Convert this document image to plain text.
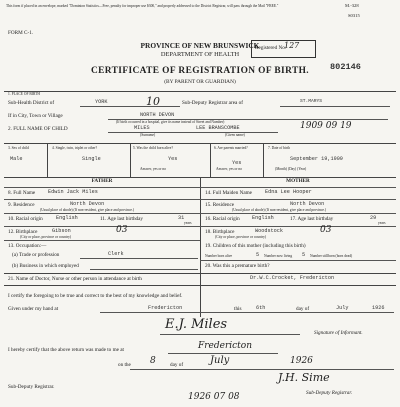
This form if placed in an envelope, marked "Dominion Statistics—Free, penalty for improper use $300," and properly addressed to the District Registrar, will pass through the Mail "FREE."	M.-328
S0315
FORM C-1.
PROVINCE OF NEW BRUNSWICK
DEPARTMENT OF HEALTH
CERTIFICATE OF REGISTRATION OF BIRTH.
(BY PARENT OR GUARDIAN)
Registered No.
127
802146
1. PLACE OF BIRTH
Sub-Health District of	YORK	10	Sub-Deputy Registrar area of	ST.MARYS
If in City, Town or Village	NORTH DEVON
(If birth occurred in a hospital, give its name instead of Street and Number)
2. FULL NAME OF CHILD	MILES	LEE BRANSCOMBE
(Surname)	(Given name)
1909 09 19
3. Sex of child
Male
4. Single, twin, triplet or other?
Single
5. Was the child born alive?
Yes
Answer, yes or no
6. Are parents married?
Yes
Answer, yes or no
7. Date of birth
September 19,1909
(Month) (Day) (Year)
FATHER	MOTHER
8. Full Name Edwin Jack Miles
9. Residence	North Devon
(Usual place of abode) (If non-resident, give place and province.)
10. Racial origin	English	11. Age last birthday	31
years
12. Birthplace	Gibson	03
(City or place, province or country)
13. Occupation:—
(a) Trade or profession	Clerk
(b) Business in which employed
14. Full Maiden Name	Edna Lee Hooper
15. Residence	North Devon
(Usual place of abode) (If non-resident, give place and province.)
16. Racial origin English	17. Age last birthday	29
years
18. Birthplace	Woodstock	03
(City or place, province or country)
19. Children of this mother (including this birth)
Number born alive	5 Number now living 5 Number stillborn (born dead)
20. Was this a premature birth?
21. Name of Doctor, Nurse or other person in attendance at birth	Dr.W.C.Crocket, Fredericton
I certify the foregoing to be true and correct to the best of my knowledge and belief.
Given under my hand at	Fredericton	this	6th	day of	July	1926
E.J. Miles
Signature of Informant.
I hereby certify that the above return was made to me at	Fredericton
on the 8	day of	July	1926
J.H. Sime
Sub-Deputy Registrar.
Sub-Deputy Registrar.
1926 07 08
